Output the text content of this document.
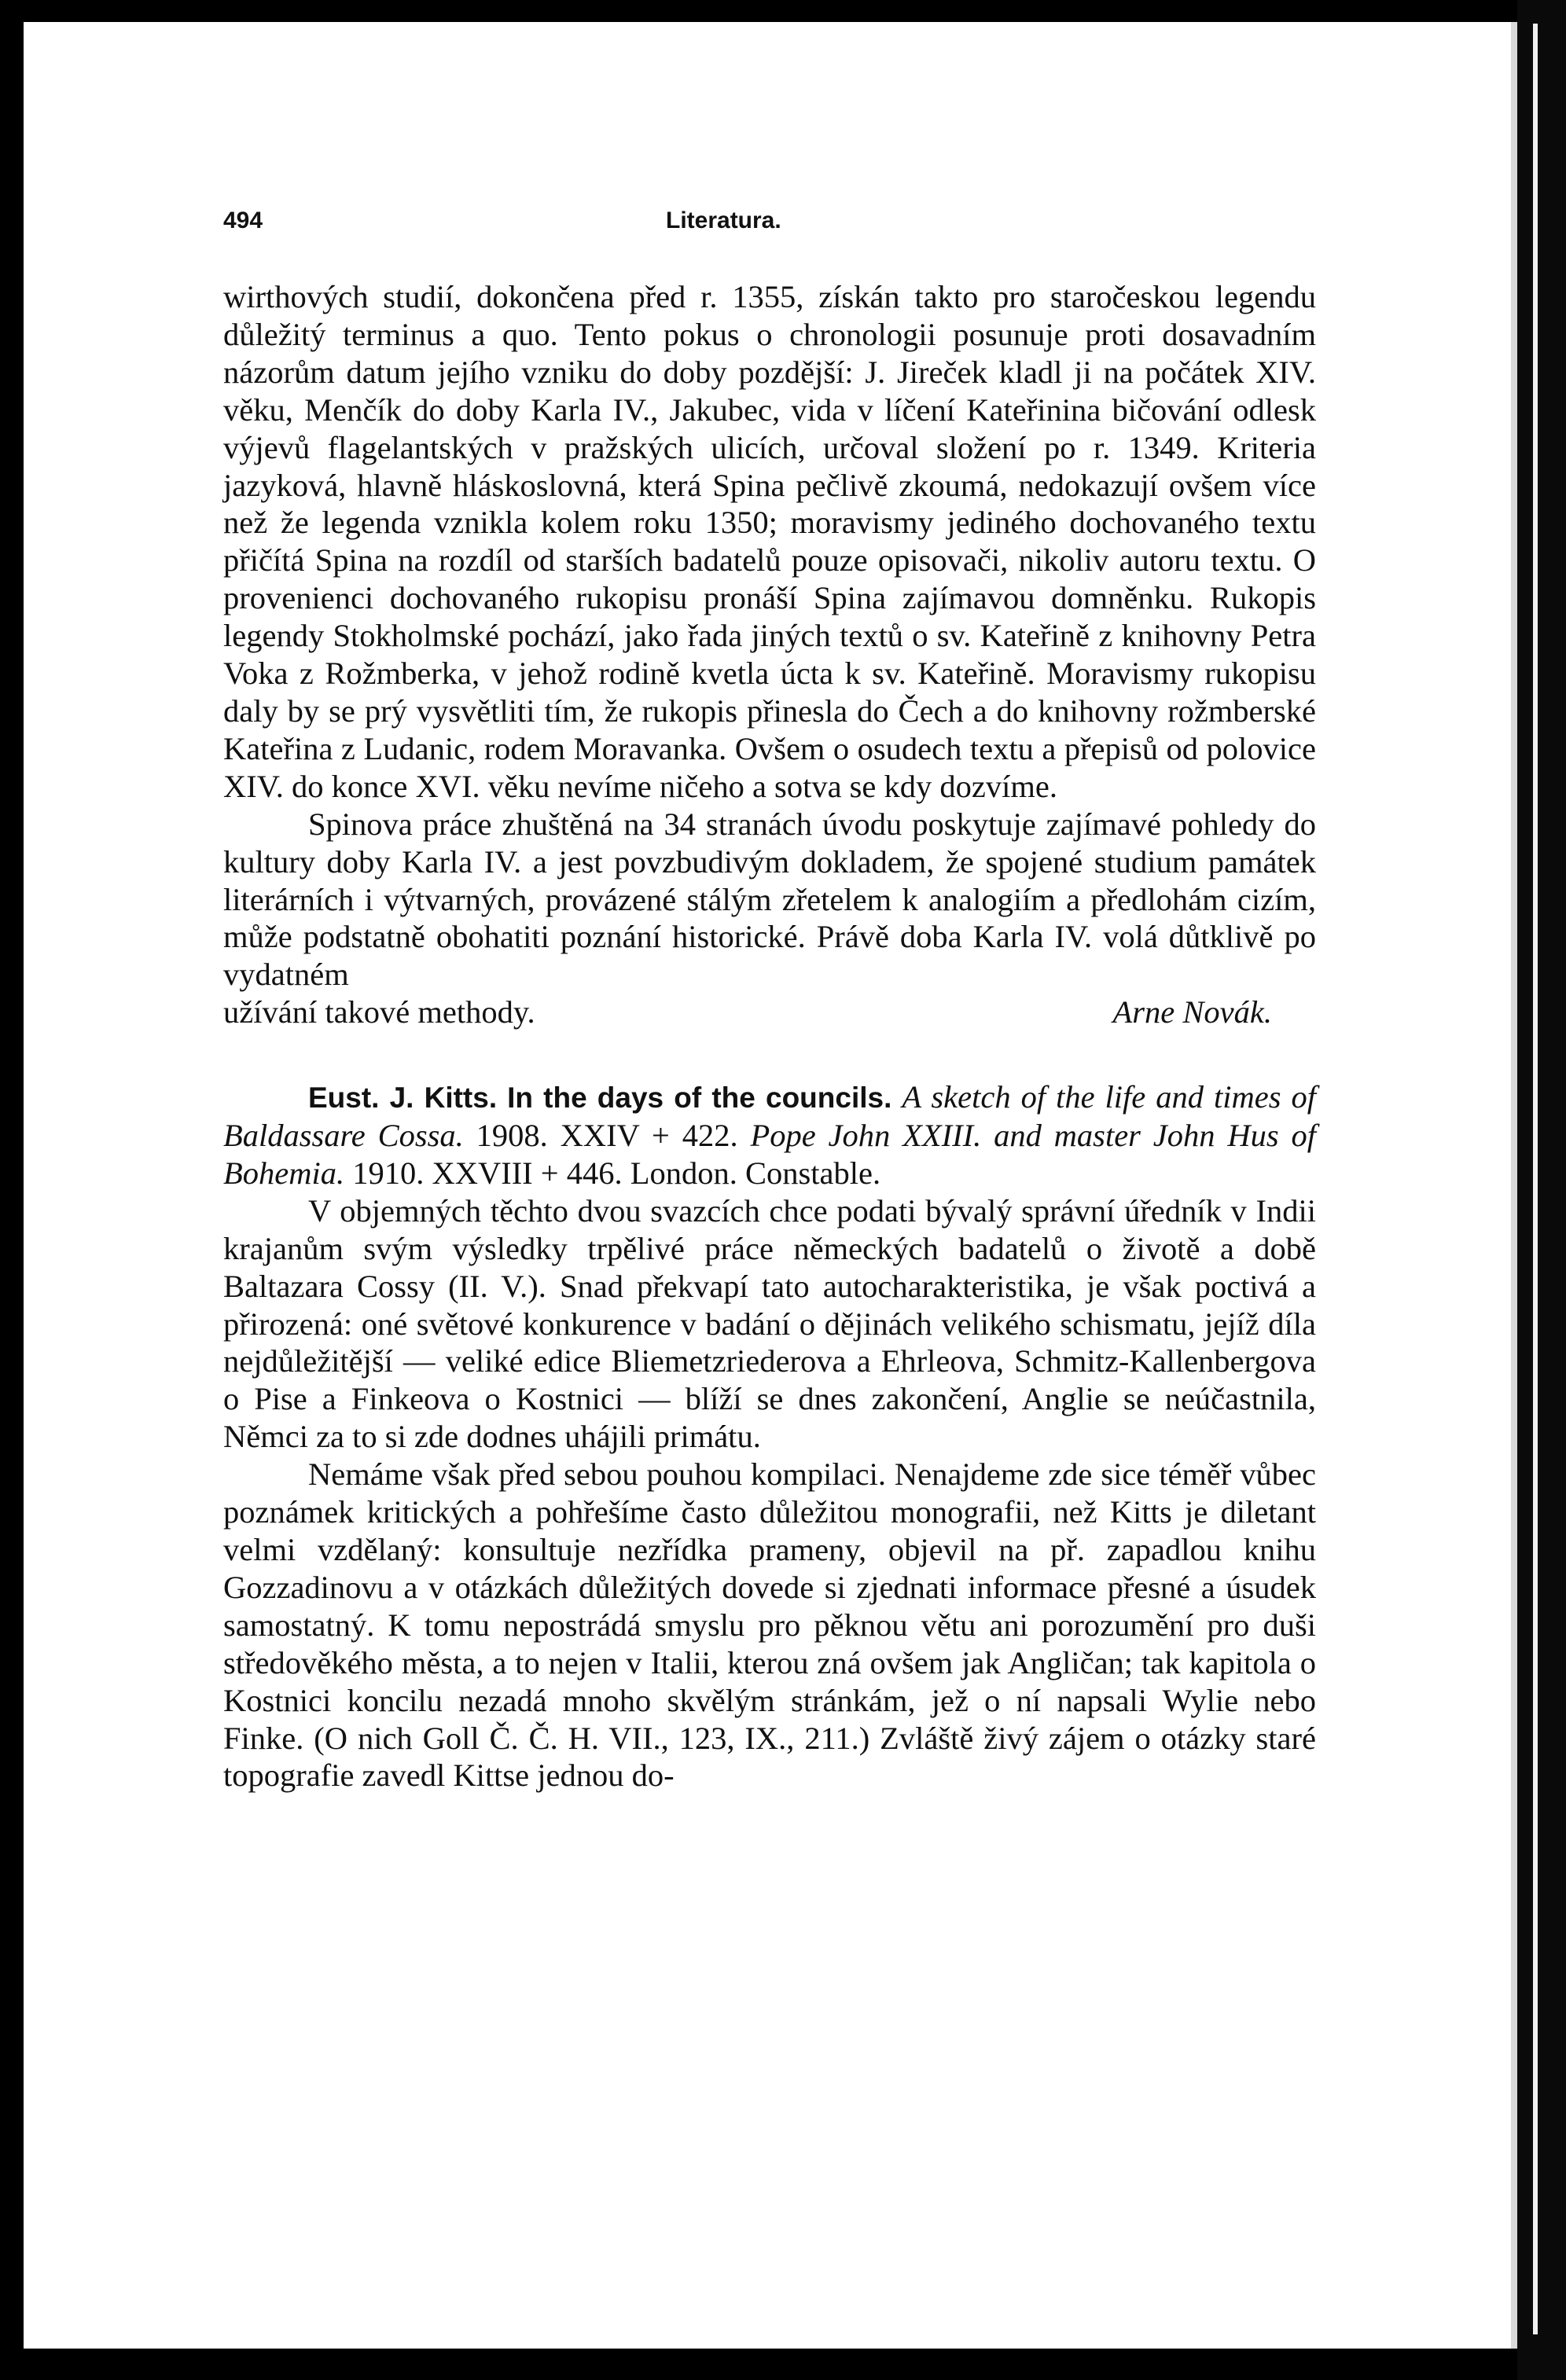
494	Literatura.

wirthových studií, dokončena před r. 1355, získán takto pro staročeskou legendu důležitý terminus a quo. Tento pokus o chronologii posunuje proti dosavadním názorům datum jejího vzniku do doby pozdější: J. Jireček kladl ji na počátek XIV. věku, Menčík do doby Karla IV., Jakubec, vida v líčení Kateřinina bičování odlesk výjevů flagelantských v pražských ulicích, určoval složení po r. 1349. Kriteria jazyková, hlavně hláskoslovná, která Spina pečlivě zkoumá, nedokazují ovšem více než že legenda vznikla kolem roku 1350; moravismy jediného dochovaného textu přičítá Spina na rozdíl od starších badatelů pouze opisovači, nikoliv autoru textu. O provenienci dochovaného rukopisu pronáší Spina zajímavou domněnku. Rukopis legendy Stokholmské pochází, jako řada jiných textů o sv. Kateřině z knihovny Petra Voka z Rožmberka, v jehož rodině kvetla úcta k sv. Kateřině. Moravismy rukopisu daly by se prý vysvětliti tím, že rukopis přinesla do Čech a do knihovny rožmberské Kateřina z Ludanic, rodem Moravanka. Ovšem o osudech textu a přepisů od polovice XIV. do konce XVI. věku nevíme ničeho a sotva se kdy dozvíme.

Spinova práce zhuštěná na 34 stranách úvodu poskytuje zajímavé pohledy do kultury doby Karla IV. a jest povzbudivým dokladem, že spojené studium památek literárních i výtvarných, provázené stálým zřetelem k analogiím a předlohám cizím, může podstatně obohatiti poznání historické. Právě doba Karla IV. volá důtklivě po vydatném

užívání takové methody.	Arne Novák.

Eust. J. Kitts. In the days of the councils. A sketch of the life and times of Baldassare Cossa. 1908. XXIV + 422. Pope John XXIII. and master John Hus of Bohemia. 1910. XXVIII + 446. London. Constable.

V objemných těchto dvou svazcích chce podati bývalý správní úředník v Indii krajanům svým výsledky trpělivé práce německých badatelů o životě a době Baltazara Cossy (II. V.). Snad překvapí tato autocharakteristika, je však poctivá a přirozená: oné světové konkurence v badání o dějinách velikého schismatu, jejíž díla nejdůležitější — veliké edice Bliemetzriederova a Ehrleova, Schmitz-Kallenbergova o Pise a Finkeova o Kostnici — blíží se dnes zakončení, Anglie se neúčastnila, Němci za to si zde dodnes uhájili primátu.

Nemáme však před sebou pouhou kompilaci. Nenajdeme zde sice téměř vůbec poznámek kritických a pohřešíme často důležitou monografii, než Kitts je diletant velmi vzdělaný: konsultuje nezřídka prameny, objevil na př. zapadlou knihu Gozzadinovu a v otázkách důležitých dovede si zjednati informace přesné a úsudek samostatný. K tomu nepostrádá smyslu pro pěknou větu ani porozumění pro duši středověkého města, a to nejen v Italii, kterou zná ovšem jak Angličan; tak kapitola o Kostnici koncilu nezadá mnoho skvělým stránkám, jež o ní napsali Wylie nebo Finke. (O nich Goll Č. Č. H. VII., 123, IX., 211.) Zvláště živý zájem o otázky staré topografie zavedl Kittse jednou do-
